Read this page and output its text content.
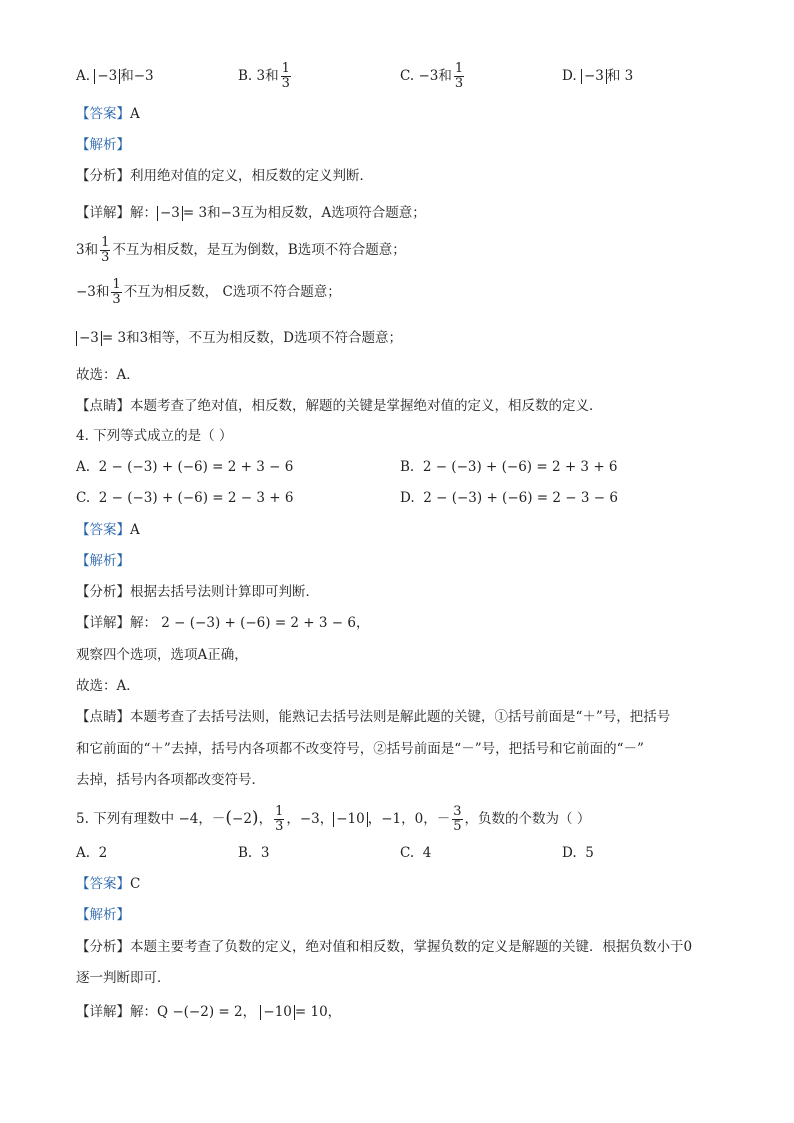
A. −3 和−3	B. 3和 $\frac{1}{3}$	C. −3和 $\frac{1}{3}$	D. −3 和 3
【答案】A
【解析】
【分析】利用绝对值的定义，相反数的定义判断．
【详解】解： −3 = 3和−3互为相反数，A选项符合题意；
3和 $\frac{1}{3}$ 不互为相反数，是互为倒数，B选项不符合题意；
−3和 $\frac{1}{3}$ 不互为相反数， C选项不符合题意；
−3 = 3和3相等，不互为相反数，D选项不符合题意；
故选：A．
【点睛】本题考查了绝对值，相反数，解题的关键是掌握绝对值的定义，相反数的定义．
4. 下列等式成立的是（ ）
A. 2 − (−3) + (−6) = 2 + 3 − 6	B. 2 − (−3) + (−6) = 2 + 3 + 6
C. 2 − (−3) + (−6) = 2 − 3 + 6	D. 2 − (−3) + (−6) = 2 − 3 − 6
【答案】A
【解析】
【分析】根据去括号法则计算即可判断．
【详解】解： 2 − (−3) + (−6) = 2 + 3 − 6，
观察四个选项，选项A正确，
故选：A．
【点睛】本题考查了去括号法则，能熟记去括号法则是解此题的关键，①括号前面是“＋”号，把括号
和它前面的“＋”去掉，括号内各项都不改变符号，②括号前面是“－”号，把括号和它前面的“－”
去掉，括号内各项都改变符号．
5. 下列有理数中 −4，－(−2)， $\frac{1}{3}$ ，−3， −10 ，−1，0，－ $\frac{3}{5}$ ，负数的个数为（ ）
A. 2	B. 3	C. 4	D. 5
【答案】C
【解析】
【分析】本题主要考查了负数的定义，绝对值和相反数，掌握负数的定义是解题的关键．根据负数小于0
逐一判断即可．
【详解】解：Q −(−2) = 2， −10 = 10，
